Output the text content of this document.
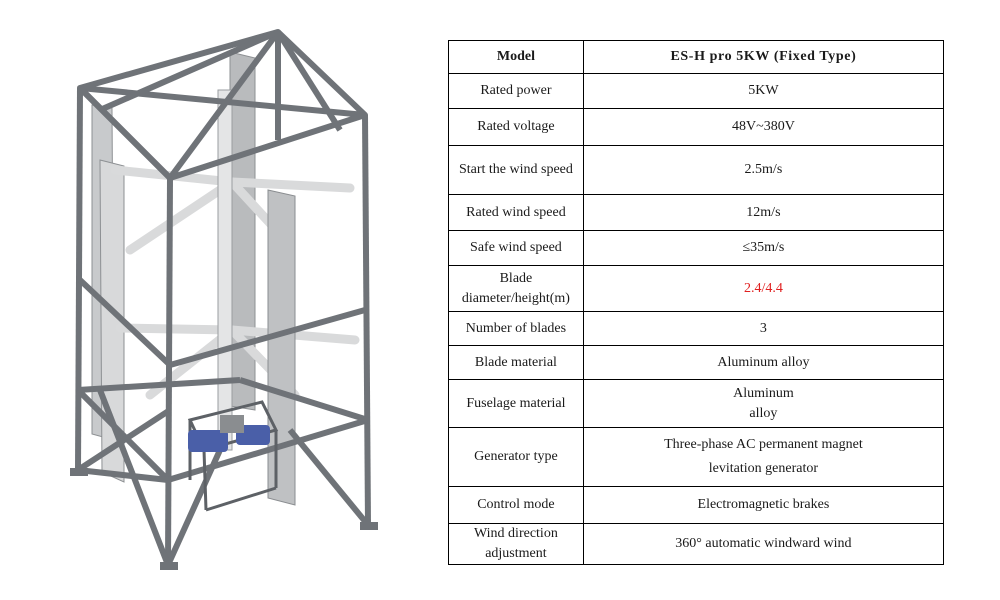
Model	ES-H pro 5KW (Fixed Type)
Rated power	5KW
Rated voltage	48V~380V
Start the wind speed	2.5m/s
Rated wind speed	12m/s
Safe wind speed	≤35m/s

Blade
diameter/height(m)	2.4/4.4
Number of blades	3
Blade material	Aluminum alloy
Fuselage material	Aluminum
alloy

Generator type	Three-phase AC permanent magnet
levitation generator

Control mode	Electromagnetic brakes

Wind direction
adjustment	360° automatic windward wind
